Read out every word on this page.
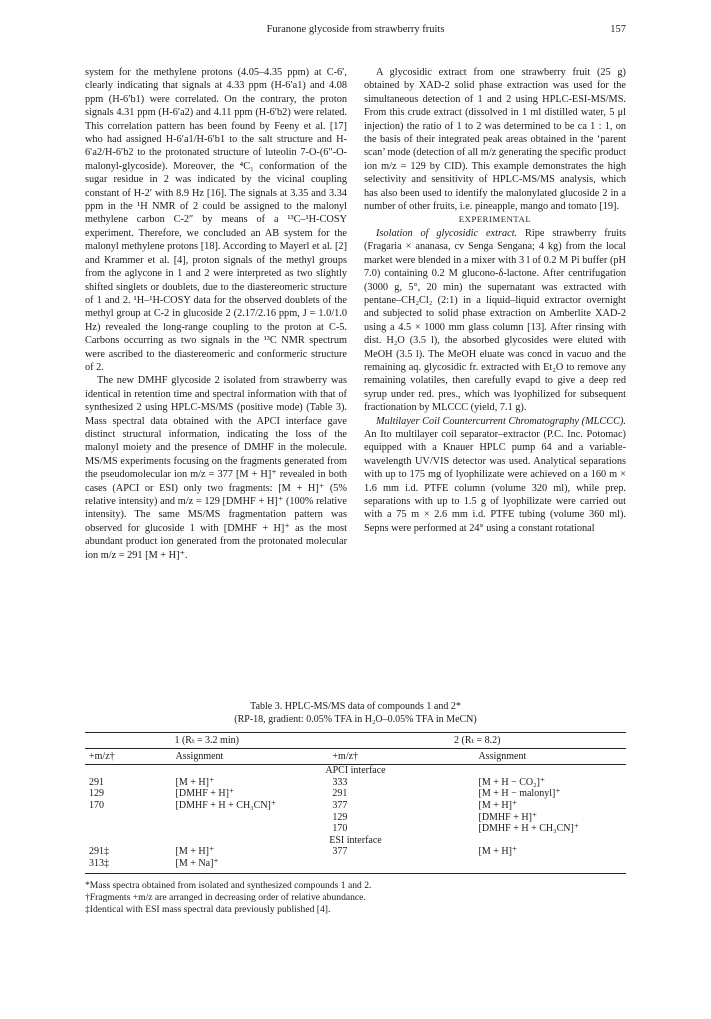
Furanone glycoside from strawberry fruits	157

system for the methylene protons (4.05–4.35 ppm) at C-6′, clearly indicating that signals at 4.33 ppm (H-6′a1) and 4.08 ppm (H-6′b1) were correlated. On the contrary, the proton signals 4.31 ppm (H-6′a2) and 4.11 ppm (H-6′b2) were related. This correlation pattern has been found by Feeny et al. [17] who had assigned H-6′a1/H-6′b1 to the salt structure and H-6′a2/H-6′b2 to the protonated structure of luteolin 7-O-(6″-O-malonyl-glycoside). Moreover, the ⁴C₁ conformation of the sugar residue in 2 was indicated by the vicinal coupling constant of H-2′ with 8.9 Hz [16]. The signals at 3.35 and 3.34 ppm in the ¹H NMR of 2 could be assigned to the malonyl methylene carbon C-2″ by means of a ¹³C–¹H-COSY experiment. Therefore, we concluded an AB system for the malonyl methylene protons [18]. According to Mayerl et al. [2] and Krammer et al. [4], proton signals of the methyl groups from the aglycone in 1 and 2 were interpreted as two slightly shifted singlets or doublets, due to the diastereomeric structure of 1 and 2. ¹H–¹H-COSY data for the observed doublets of the methyl group at C-2 in glucoside 2 (2.17/2.16 ppm, J = 1.0/1.0 Hz) revealed the long-range coupling to the proton at C-5. Carbons occurring as two signals in the ¹³C NMR spectrum were ascribed to the diastereomeric and conformeric structure of 2.

The new DMHF glycoside 2 isolated from strawberry was identical in retention time and spectral information with that of synthesized 2 using HPLC-MS/MS (positive mode) (Table 3). Mass spectral data obtained with the APCI interface gave distinct structural information, indicating the loss of the malonyl moiety and the presence of DMHF in the molecule. MS/MS experiments focusing on the fragments generated from the pseudomolecular ion m/z = 377 [M + H]⁺ revealed in both cases (APCI or ESI) only two fragments: [M + H]⁺ (5% relative intensity) and m/z = 129 [DMHF + H]⁺ (100% relative intensity). The same MS/MS fragmentation pattern was observed for glucoside 1 with [DMHF + H]⁺ as the most abundant product ion generated from the protonated molecular ion m/z = 291 [M + H]⁺.

A glycosidic extract from one strawberry fruit (25 g) obtained by XAD-2 solid phase extraction was used for the simultaneous detection of 1 and 2 using HPLC-ESI-MS/MS. From this crude extract (dissolved in 1 ml distilled water, 5 μl injection) the ratio of 1 to 2 was determined to be ca 1 : 1, on the basis of their integrated peak areas obtained in the ‘parent scan’ mode (detection of all m/z generating the specific product ion m/z = 129 by CID). This example demonstrates the high selectivity and sensitivity of HPLC-MS/MS analysis, which has also been used to identify the malonylated glucoside 2 in a number of other fruits, i.e. pineapple, mango and tomato [19].

EXPERIMENTAL

Isolation of glycosidic extract. Ripe strawberry fruits (Fragaria × ananasa, cv Senga Sengana; 4 kg) from the local market were blended in a mixer with 3 l of 0.2 M Pi buffer (pH 7.0) containing 0.2 M glucono-δ-lactone. After centrifugation (3000 g, 5°, 20 min) the supernatant was extracted with pentane–CH₂Cl₂ (2:1) in a liquid–liquid extractor overnight and subjected to solid phase extraction on Amberlite XAD-2 using a 4.5 × 1000 mm glass column [13]. After rinsing with dist. H₂O (3.5 l), the absorbed glycosides were eluted with MeOH (3.5 l). The MeOH eluate was concd in vacuo and the remaining aq. glycosidic fr. extracted with Et₂O to remove any remaining volatiles, then carefully evapd to give a deep red syrup under red. pres., which was lyophilized for subsequent fractionation by MLCCC (yield, 7.1 g).

Multilayer Coil Countercurrent Chromatography (MLCCC). An Ito multilayer coil separator–extractor (P.C. Inc. Potomac) equipped with a Knauer HPLC pump 64 and a variable-wavelength UV/VIS detector was used. Analytical separations with up to 175 mg of lyophilizate were achieved on a 160 m × 1.6 mm i.d. PTFE column (volume 320 ml), while prep. separations with up to 1.5 g of lyophilizate were carried out with a 75 m × 2.6 mm i.d. PTFE tubing (volume 360 ml). Sepns were performed at 24° using a constant rotational

Table 3. HPLC-MS/MS data of compounds 1 and 2*
(RP-18, gradient: 0.05% TFA in H₂O–0.05% TFA in MeCN)
1 (Rₜ = 3.2 min)		2 (Rₜ = 8.2)	
+m/z†	Assignment	+m/z†	Assignment
APCI interface			
291	[M + H]⁺	333	[M + H − CO₂]⁺
129	[DMHF + H]⁺	291	[M + H − malonyl]⁺
170	[DMHF + H + CH₃CN]⁺	377	[M + H]⁺
		129	[DMHF + H]⁺
		170	[DMHF + H + CH₃CN]⁺
ESI interface			
291‡	[M + H]⁺	377	[M + H]⁺
313‡	[M + Na]⁺		
*Mass spectra obtained from isolated and synthesized compounds 1 and 2.
†Fragments +m/z are arranged in decreasing order of relative abundance.
‡Identical with ESI mass spectral data previously published [4].
